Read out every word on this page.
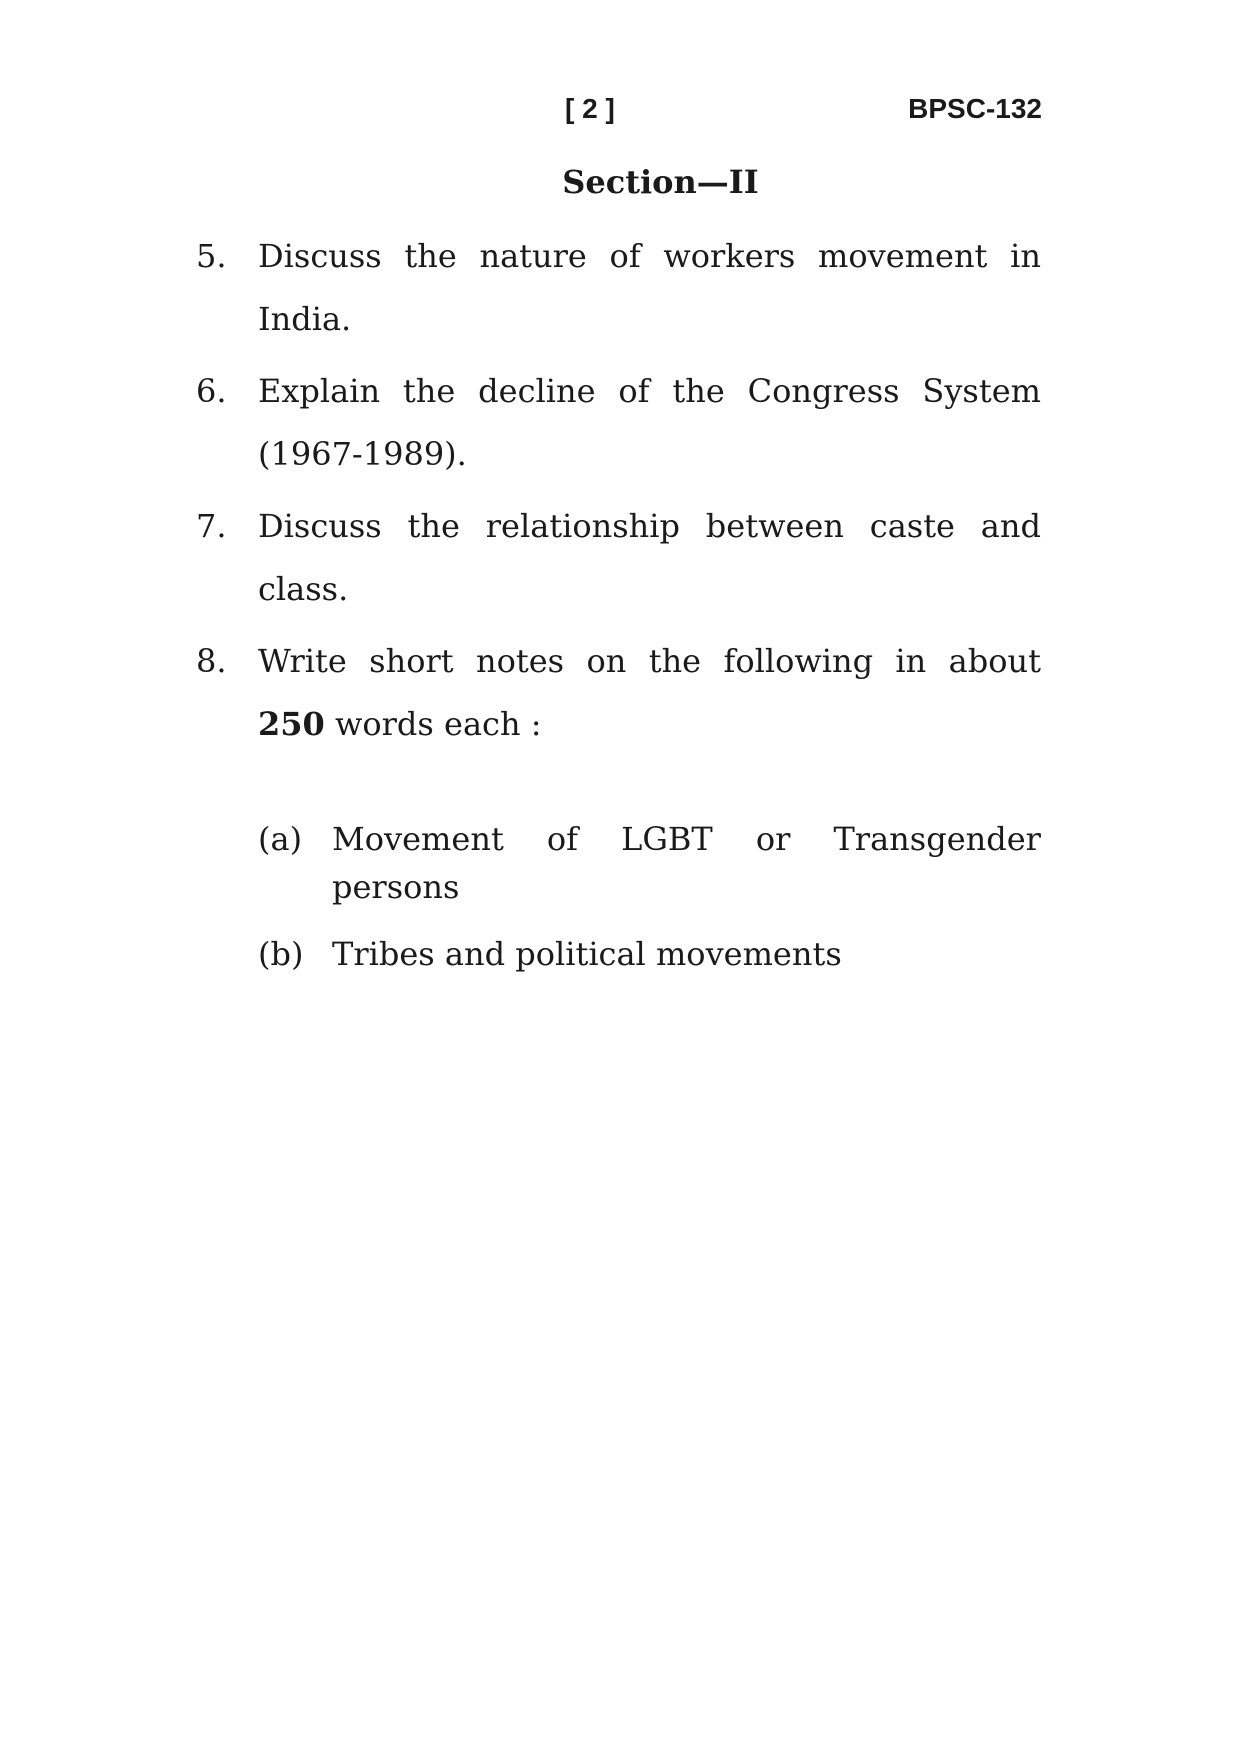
[ 2 ]	BPSC-132
Section—II
5. Discuss the nature of workers movement in
India.
6. Explain the decline of the Congress System
(1967-1989).
7. Discuss the relationship between caste and
class.
8. Write short notes on the following in about
250 words each :
(a) Movement of LGBT or Transgender
persons
(b) Tribes and political movements
